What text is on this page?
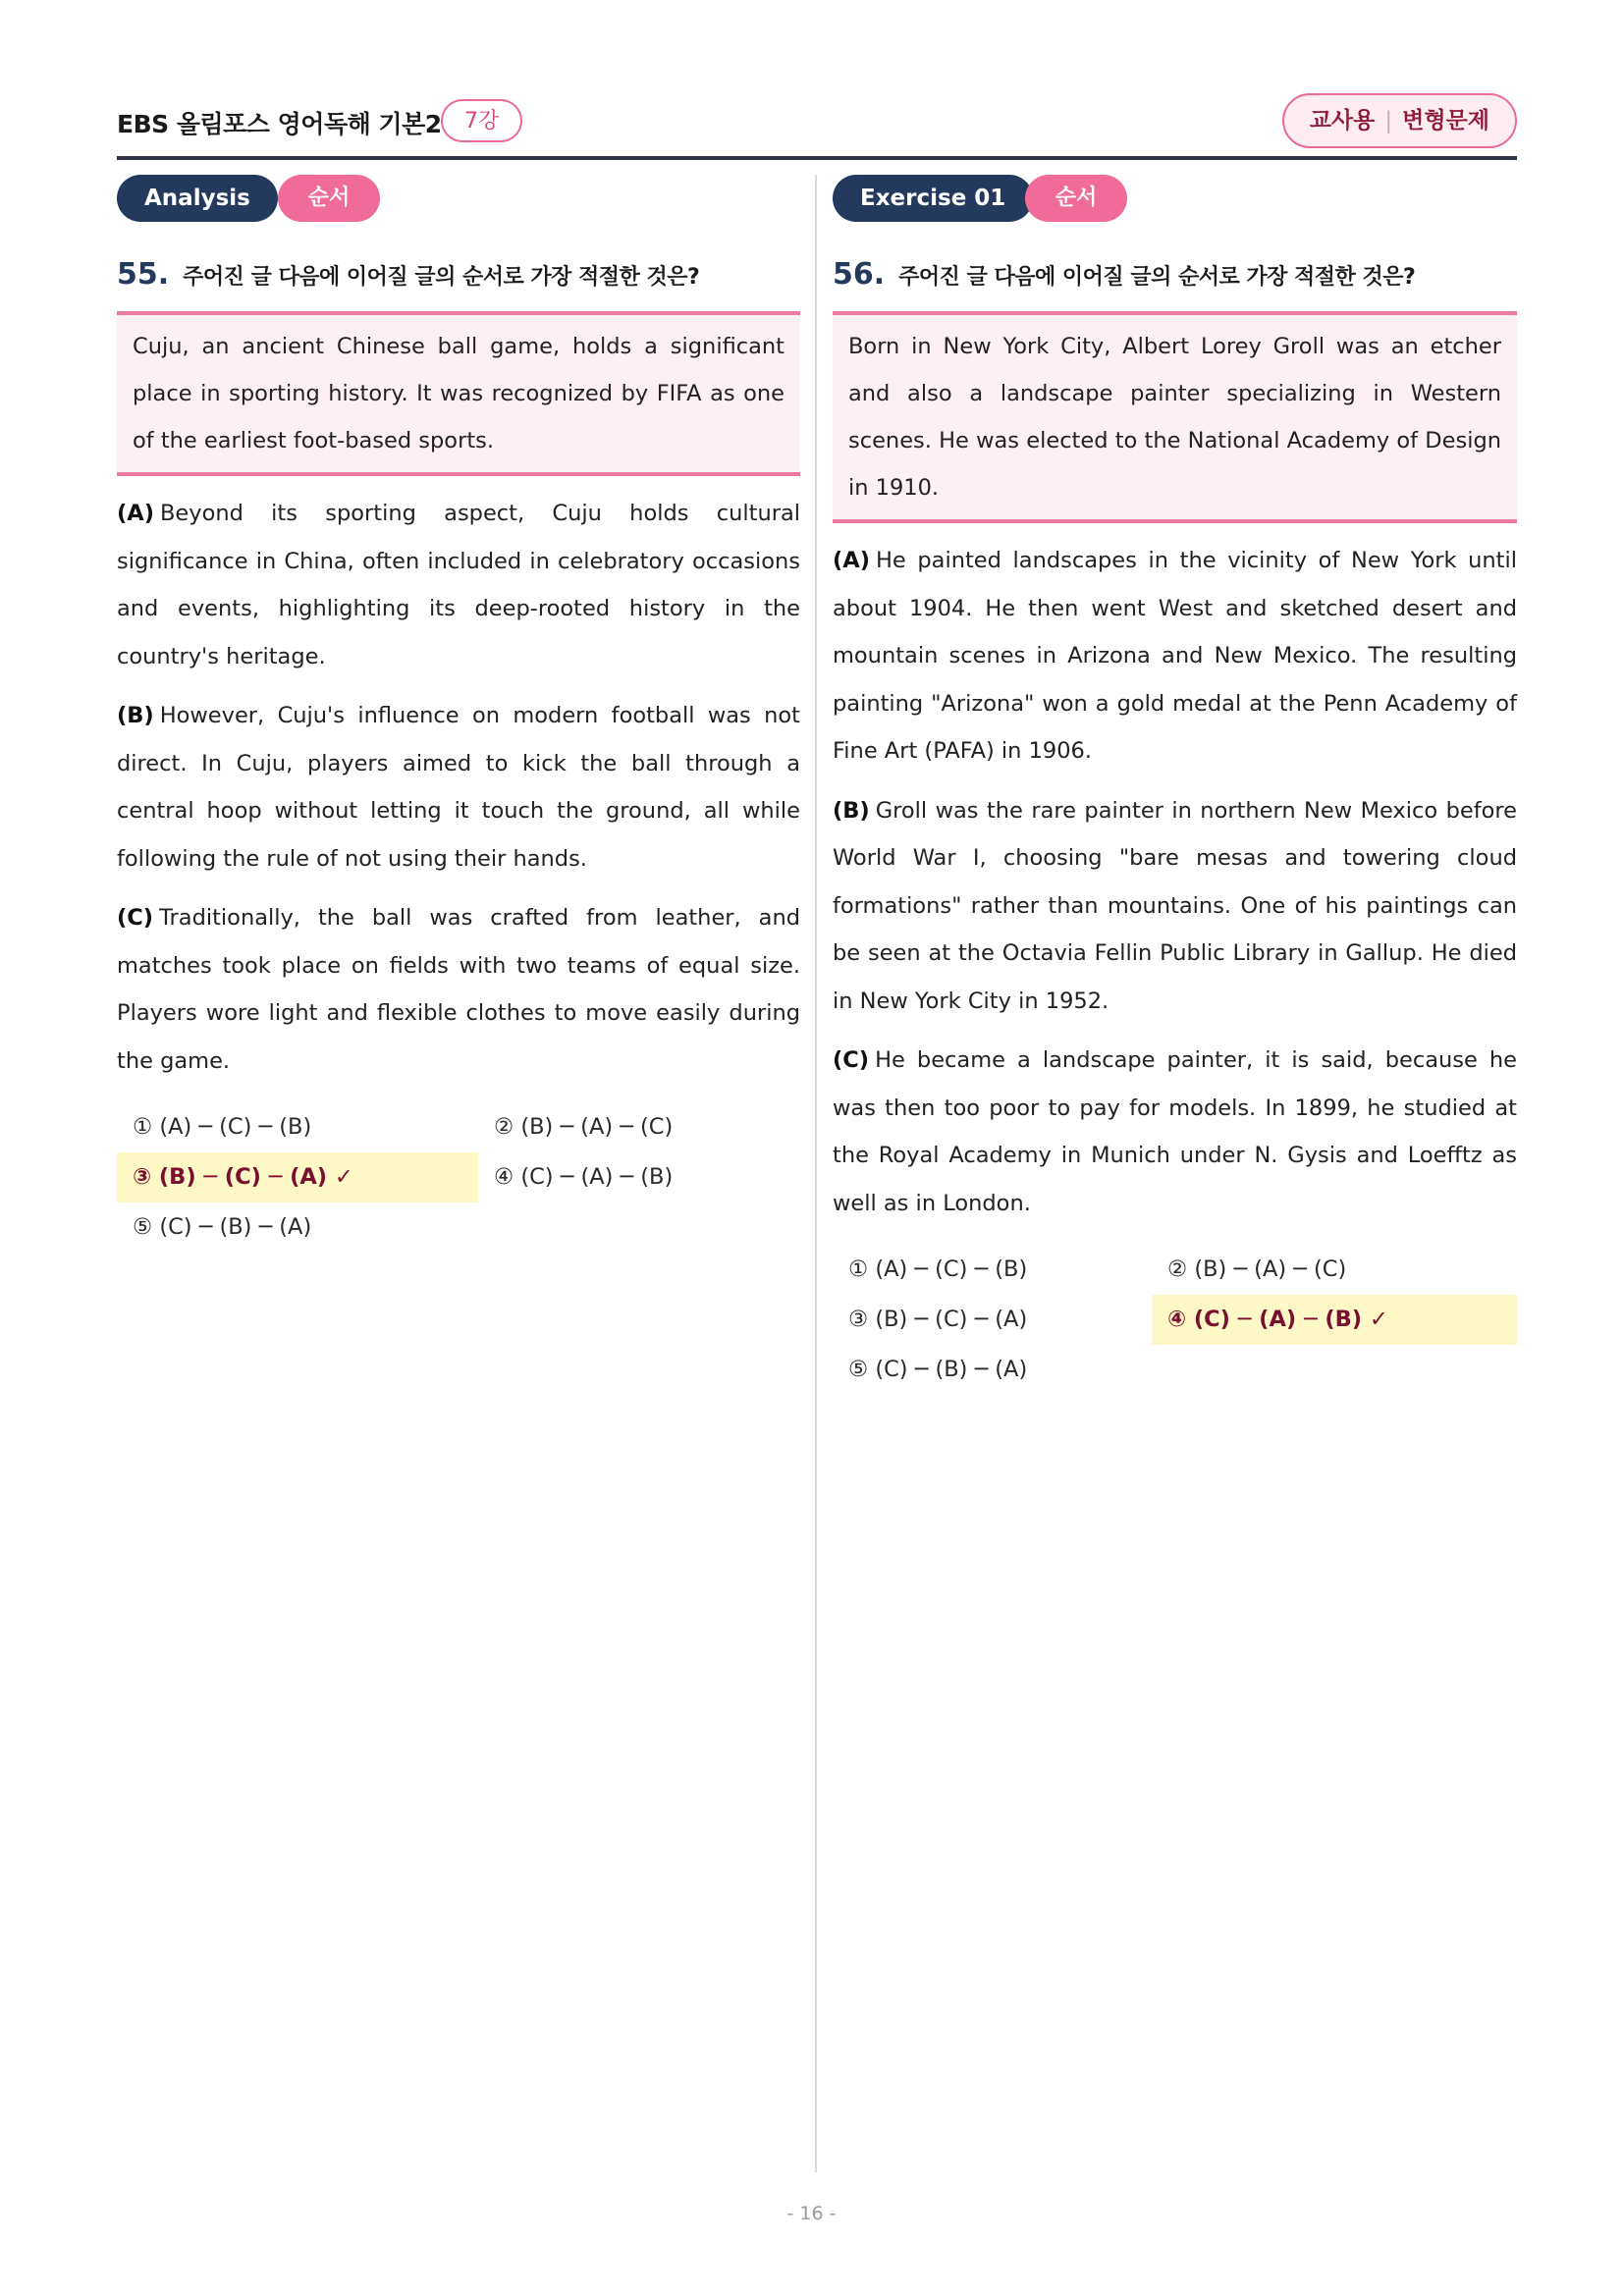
EBS 올림포스 영어독해 기본2	7강	교사용 | 변형문제
Analysis	순서
55. 주어진 글 다음에 이어질 글의 순서로 가장 적절한 것은?
Cuju, an ancient Chinese ball game, holds a significant place in sporting history. It was recognized by FIFA as one of the earliest foot-based sports.
(A) Beyond its sporting aspect, Cuju holds cultural significance in China, often included in celebratory occasions and events, highlighting its deep-rooted history in the country's heritage.
(B) However, Cuju's influence on modern football was not direct. In Cuju, players aimed to kick the ball through a central hoop without letting it touch the ground, all while following the rule of not using their hands.
(C) Traditionally, the ball was crafted from leather, and matches took place on fields with two teams of equal size. Players wore light and flexible clothes to move easily during the game.
① (A) ─ (C) ─ (B)	② (B) ─ (A) ─ (C)
③ (B) ─ (C) ─ (A) ✓	④ (C) ─ (A) ─ (B)
⑤ (C) ─ (B) ─ (A)
Exercise 01	순서
56. 주어진 글 다음에 이어질 글의 순서로 가장 적절한 것은?
Born in New York City, Albert Lorey Groll was an etcher and also a landscape painter specializing in Western scenes. He was elected to the National Academy of Design in 1910.
(A) He painted landscapes in the vicinity of New York until about 1904. He then went West and sketched desert and mountain scenes in Arizona and New Mexico. The resulting painting "Arizona" won a gold medal at the Penn Academy of Fine Art (PAFA) in 1906.
(B) Groll was the rare painter in northern New Mexico before World War I, choosing "bare mesas and towering cloud formations" rather than mountains. One of his paintings can be seen at the Octavia Fellin Public Library in Gallup. He died in New York City in 1952.
(C) He became a landscape painter, it is said, because he was then too poor to pay for models. In 1899, he studied at the Royal Academy in Munich under N. Gysis and Loefftz as well as in London.
① (A) ─ (C) ─ (B)	② (B) ─ (A) ─ (C)
③ (B) ─ (C) ─ (A)	④ (C) ─ (A) ─ (B) ✓
⑤ (C) ─ (B) ─ (A)
- 16 -
